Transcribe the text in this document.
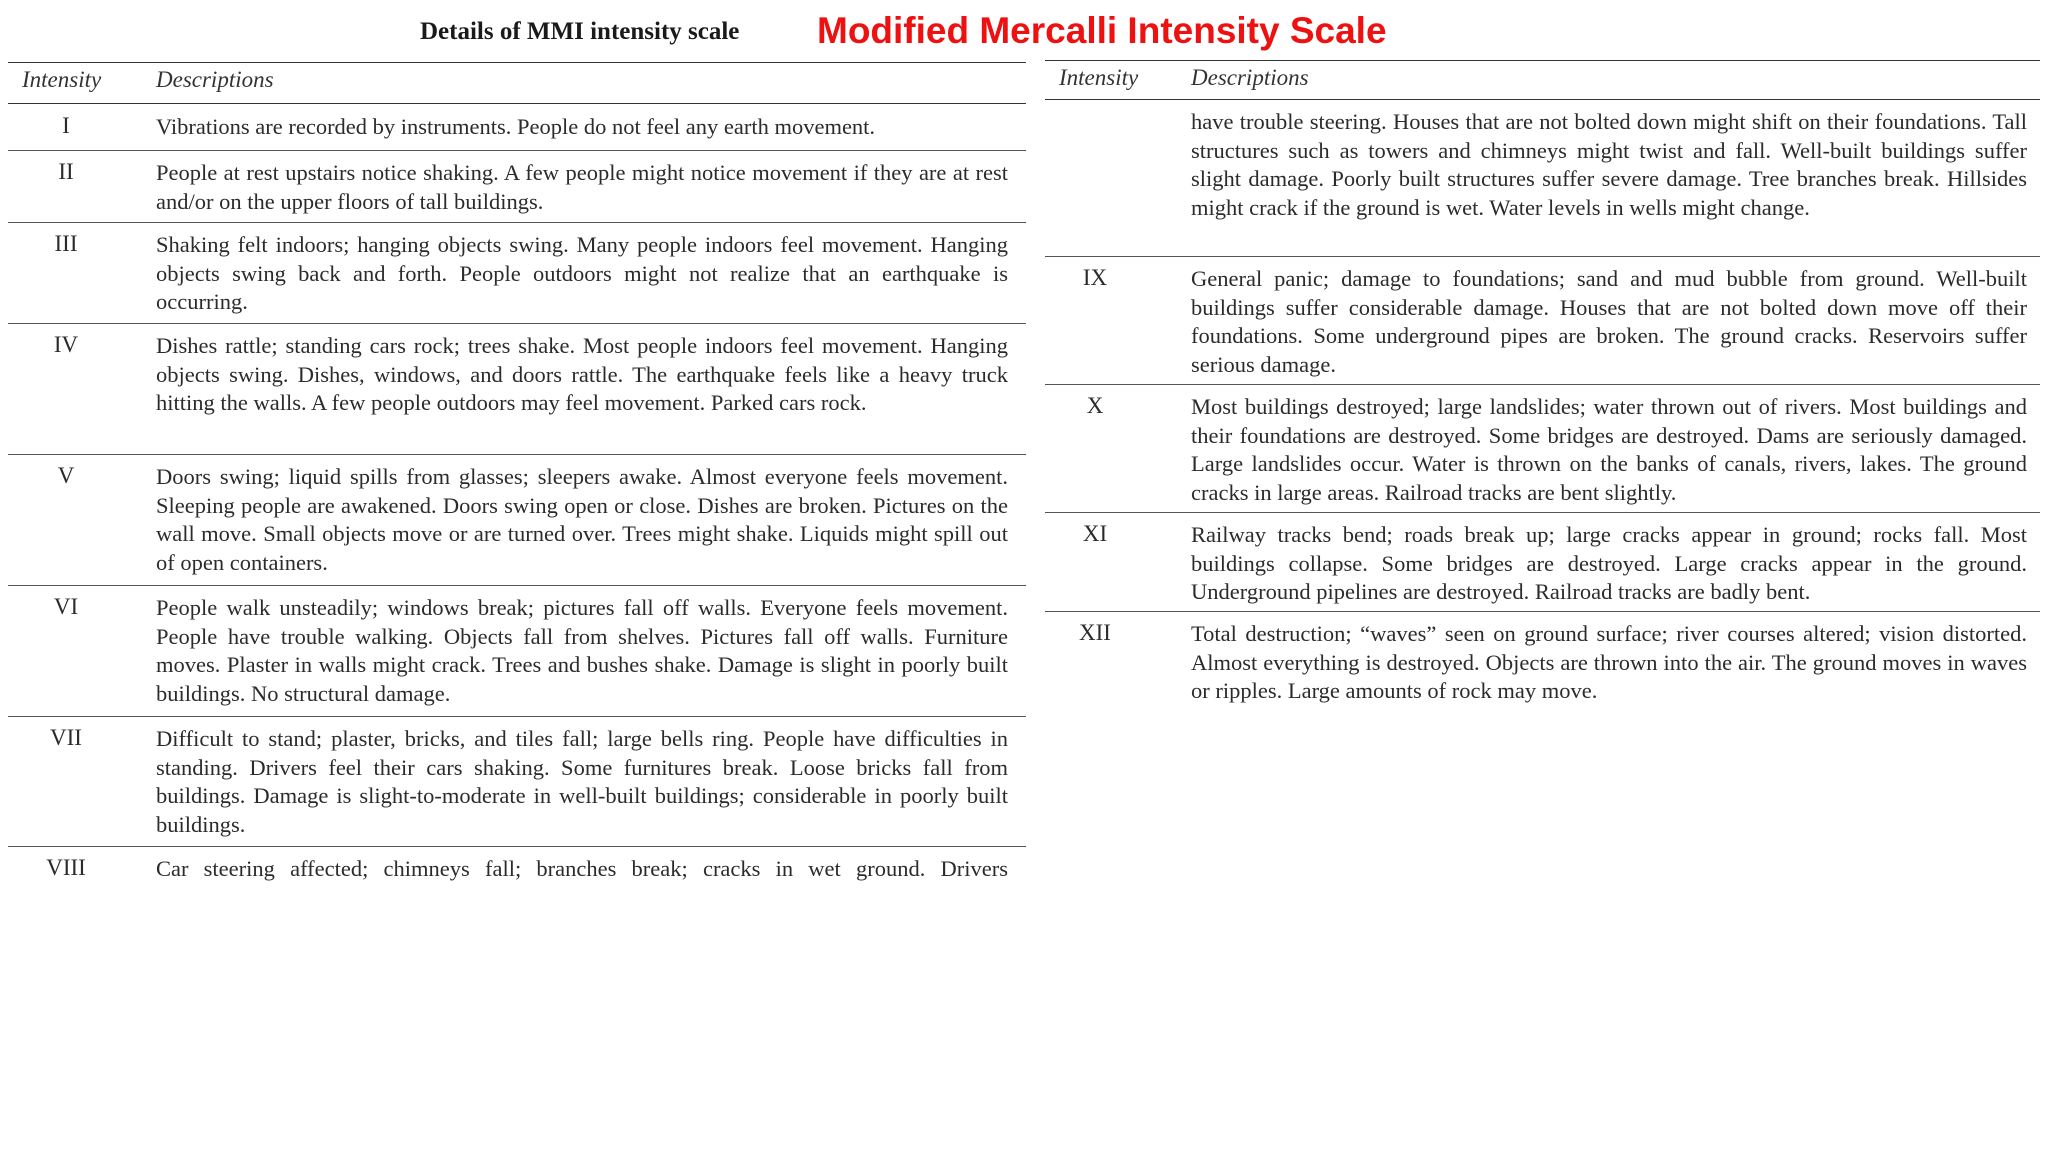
Details of MMI intensity scale Modified Mercalli Intensity Scale
Intensity Descriptions
I	Vibrations are recorded by instruments. People do not feel any earth movement.
II	People at rest upstairs notice shaking. A few people might notice movement if they are at rest and/or on the upper floors of tall buildings.
III	Shaking felt indoors; hanging objects swing. Many people indoors feel movement. Hanging objects swing back and forth. People outdoors might not realize that an earthquake is occurring.
IV	Dishes rattle; standing cars rock; trees shake. Most people indoors feel movement. Hanging objects swing. Dishes, windows, and doors rattle. The earthquake feels like a heavy truck hitting the walls. A few people outdoors may feel movement. Parked cars rock.
V	Doors swing; liquid spills from glasses; sleepers awake. Almost everyone feels movement. Sleeping people are awakened. Doors swing open or close. Dishes are broken. Pictures on the wall move. Small objects move or are turned over. Trees might shake. Liquids might spill out of open containers.
VI	People walk unsteadily; windows break; pictures fall off walls. Everyone feels movement. People have trouble walking. Objects fall from shelves. Pictures fall off walls. Furniture moves. Plaster in walls might crack. Trees and bushes shake. Damage is slight in poorly built buildings. No structural damage.
VII	Difficult to stand; plaster, bricks, and tiles fall; large bells ring. People have difficulties in standing. Drivers feel their cars shaking. Some furnitures break. Loose bricks fall from buildings. Damage is slight-to-moderate in well-built buildings; considerable in poorly built buildings.
VIII	Car steering affected; chimneys fall; branches break; cracks in wet ground. Drivers
Intensity Descriptions
have trouble steering. Houses that are not bolted down might shift on their foundations. Tall structures such as towers and chimneys might twist and fall. Well-built buildings suffer slight damage. Poorly built structures suffer severe damage. Tree branches break. Hillsides might crack if the ground is wet. Water levels in wells might change.
IX	General panic; damage to foundations; sand and mud bubble from ground. Well-built buildings suffer considerable damage. Houses that are not bolted down move off their foundations. Some underground pipes are broken. The ground cracks. Reservoirs suffer serious damage.
X	Most buildings destroyed; large landslides; water thrown out of rivers. Most buildings and their foundations are destroyed. Some bridges are destroyed. Dams are seriously damaged. Large landslides occur. Water is thrown on the banks of canals, rivers, lakes. The ground cracks in large areas. Railroad tracks are bent slightly.
XI	Railway tracks bend; roads break up; large cracks appear in ground; rocks fall. Most buildings collapse. Some bridges are destroyed. Large cracks appear in the ground. Underground pipelines are destroyed. Railroad tracks are badly bent.
XII	Total destruction; “waves” seen on ground surface; river courses altered; vision distorted. Almost everything is destroyed. Objects are thrown into the air. The ground moves in waves or ripples. Large amounts of rock may move.
